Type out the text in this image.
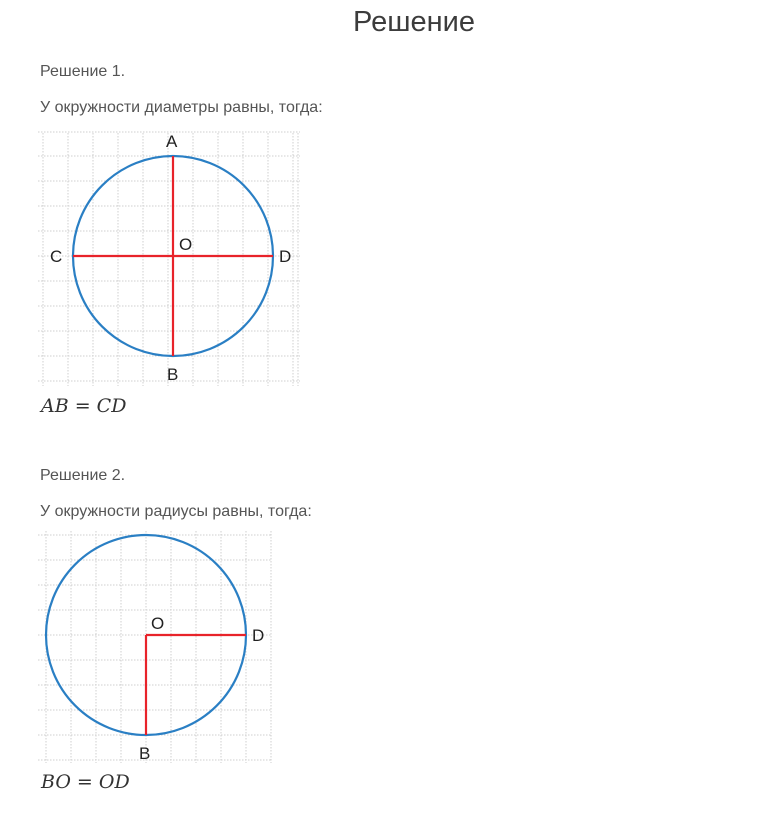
Решение
Решение 1.
У окружности диаметры равны, тогда:
A
B
C	D
O
AB = CD
Решение 2.
У окружности радиусы равны, тогда:
O
D
B
BO = OD
